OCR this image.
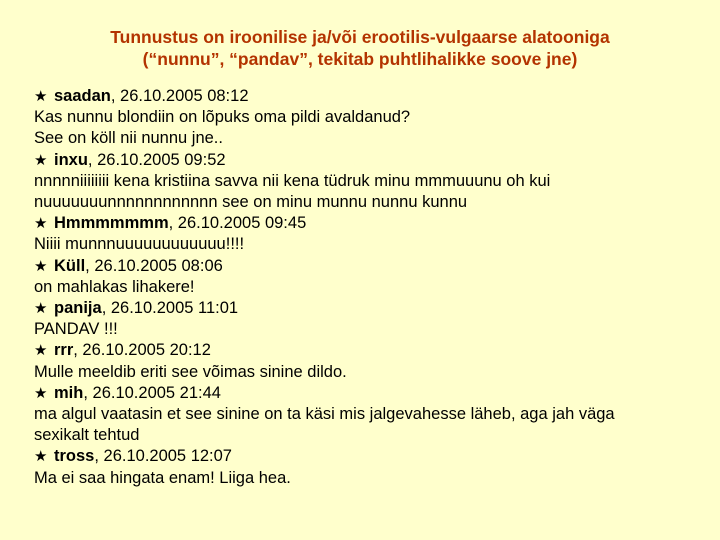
Tunnustus on iroonilise ja/või erootilis-vulgaarse alatooniga
(“nunnu”, “pandav”, tekitab puhtlihalikke soove jne)
★ saadan, 26.10.2005 08:12
Kas nunnu blondiin on lõpuks oma pildi avaldanud?
See on köll nii nunnu jne..
★ inxu, 26.10.2005 09:52
nnnnniiiiiiii kena kristiina savva nii kena tüdruk minu mmmuuunu oh kui
nuuuuuuunnnnnnnnnnnn see on minu munnu nunnu kunnu
★ Hmmmmmmm, 26.10.2005 09:45
Niiii munnnuuuuuuuuuuuu!!!!
★ Küll, 26.10.2005 08:06
on mahlakas lihakere!
★ panija, 26.10.2005 11:01
PANDAV !!!
★ rrr, 26.10.2005 20:12
Mulle meeldib eriti see võimas sinine dildo.
★ mih, 26.10.2005 21:44
ma algul vaatasin et see sinine on ta käsi mis jalgevahesse läheb, aga jah väga
sexikalt tehtud
★ tross, 26.10.2005 12:07
Ma ei saa hingata enam! Liiga hea.
